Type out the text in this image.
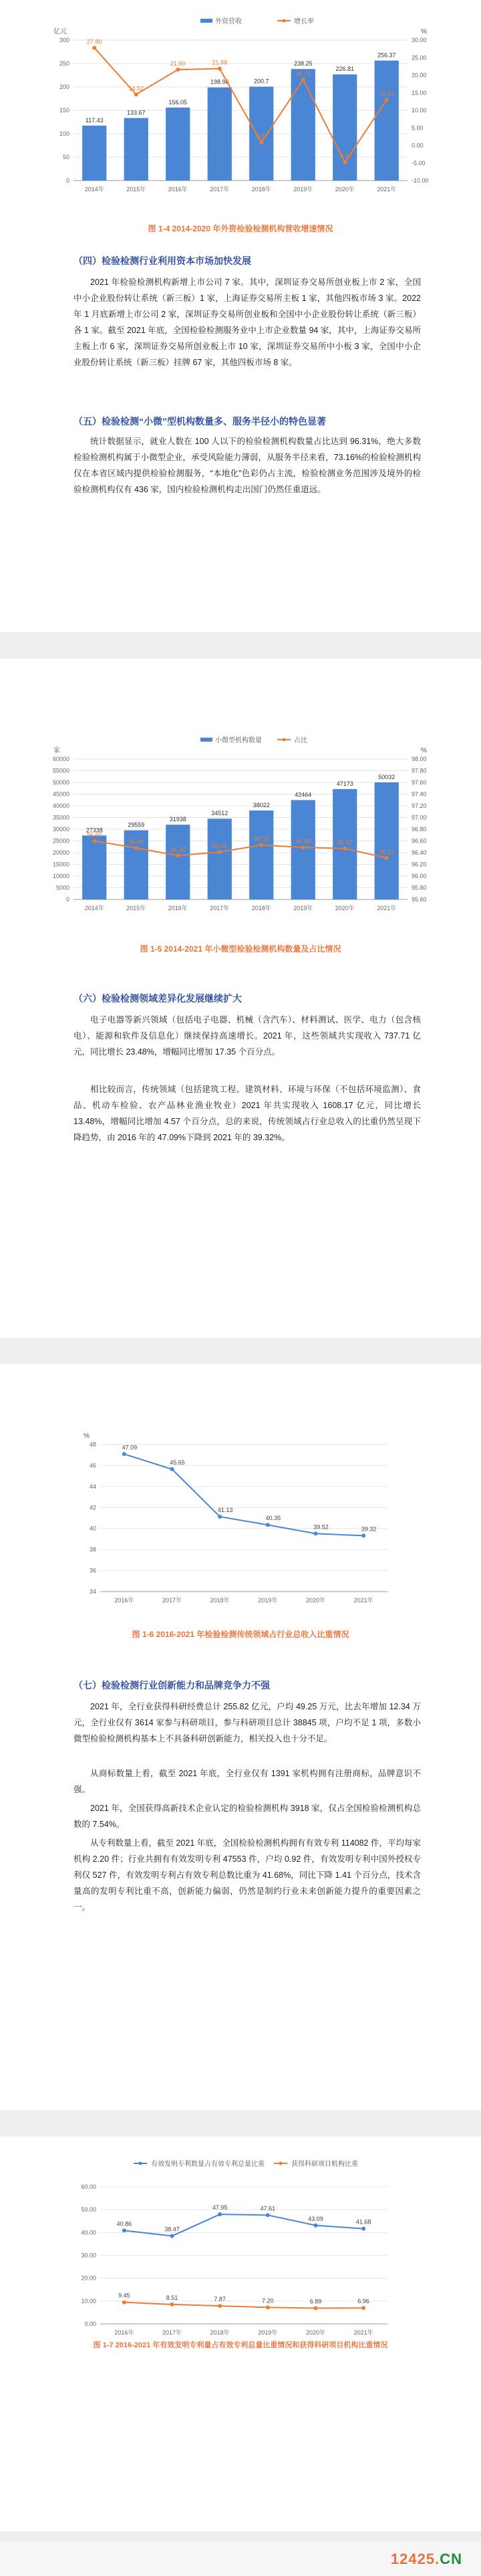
外资营收	增长率
亿元	%
0
50
100
150
200
250
300
-10.00
-5.00
0.00
5.00
10.00
15.00
20.00
25.00
30.00
117.43
2014年
133.67
2015年
156.05
2016年
198.96
2017年
200.7
2018年
238.25
2019年
226.81
2020年
256.37
2021年
27.80
14.52
21.60	21.88
0.87
18.71
-4.80
13.03
图 1-4 2014-2020 年外资检验检测机构营收增速情况
（四）检验检测行业利用资本市场加快发展

2021 年检验检测机构新增上市公司 7 家。其中，深圳证券交易所创业板上市 2 家，全国中小企业股份转让系统（新三板）1 家，上海证券交易所主板 1 家，其他四板市场 3 家。2022 年 1 月底新增上市公司 2 家，深圳证券交易所创业板和全国中小企业股份转让系统（新三板）各 1 家。截至 2021 年底，全国检验检测服务业中上市企业数量 94 家，其中，上海证券交易所主板上市 6 家，深圳证券交易所创业板上市 10 家，深圳证券交易所中小板 3 家，全国中小企业股份转让系统（新三板）挂牌 67 家，其他四板市场 8 家。

（五）检验检测“小微”型机构数量多、服务半径小的特色显著

统计数据显示，就业人数在 100 人以下的检验检测机构数量占比达到 96.31%，绝大多数检验检测机构属于小微型企业，承受风险能力薄弱，从服务半径来看，73.16%的检验检测机构仅在本省区域内提供检验检测服务，“本地化”色彩仍占主流，检验检测业务范围涉及境外的检验检测机构仅有 436 家，国内检验检测机构走出国门仍然任重道远。

小微型机构数量	占比
家	%
0
5000
10000
15000
20000
25000
30000
35000
40000
45000
50000
55000
60000
95.60
95.80
96.00
96.20
96.40
96.60
96.80
97.00
97.20
97.40
97.60
97.80
98.00
27338
2014年
29559
2015年
31938
2016年
34512
2017年
38022
2018年
42464
2019年
47173
2020年
50032
2021年
96.60
96.48
96.35
96.41
96.53	96.49	96.47
96.31
图 1-5 2014-2021 年小微型检验检测机构数量及占比情况
（六）检验检测领域差异化发展继续扩大

电子电器等新兴领域（包括电子电器、机械（含汽车）、材料测试、医学、电力（包含核电）、能源和软件及信息化）继续保持高速增长。2021 年，这些领域共实现收入 737.71 亿元，同比增长 23.48%，增幅同比增加 17.35 个百分点。

相比较而言，传统领域（包括建筑工程、建筑材料、环境与环保（不包括环境监测）、食品、机动车检验、农产品林业渔业牧业）2021 年共实现收入 1608.17 亿元，同比增长 13.48%，增幅同比增加 4.57 个百分点，总的来说，传统领域占行业总收入的比重仍然呈现下降趋势，由 2016 年的 47.09%下降到 2021 年的 39.32%。

%
34
36
38
40
42
44
46
48
2016年	2017年	2018年	2019年	2020年	2021年
47.09
45.65
41.13
40.35
39.52	39.32
图 1-6 2016-2021 年检验检测传统领域占行业总收入比重情况
（七）检验检测行业创新能力和品牌竞争力不强

2021 年，全行业获得科研经费总计 255.82 亿元，户均 49.25 万元，比去年增加 12.34 万元，全行业仅有 3614 家参与科研项目，参与科研项目总计 38845 项，户均不足 1 项，多数小微型检验检测机构基本上不具备科研创新能力，相关投入也十分不足。

从商标数量上看，截至 2021 年底，全行业仅有 1391 家机构拥有注册商标，品牌意识不强。

2021 年，全国获得高新技术企业认定的检验检测机构 3918 家，仅占全国检验检测机构总数的 7.54%。

从专利数量上看，截至 2021 年底，全国检验检测机构拥有有效专利 114082 件，平均每家机构 2.20 件；行业共拥有有效发明专利 47553 件，户均 0.92 件，有效发明专利中国外授权专利仅 527 件，有效发明专利占有效专利总数比重为 41.68%，同比下降 1.41 个百分点，技术含量高的发明专利比重不高，创新能力偏弱，仍然是制约行业未来创新能力提升的重要因素之一。

有效发明专利数量占有效专利总量比重	获得科研项目机构比重
0.00
10.00
20.00
30.00
40.00
50.00
60.00
2016年	2017年	2018年	2019年	2020年	2021年
40.86
38.47
47.95	47.61
43.09	41.68
9.45	8.51	7.87	7.20	6.89	6.96
图 1-7 2016-2021 年有效发明专利量占有效专利总量比重情况和获得科研项目机构比重情况
12425.CN
